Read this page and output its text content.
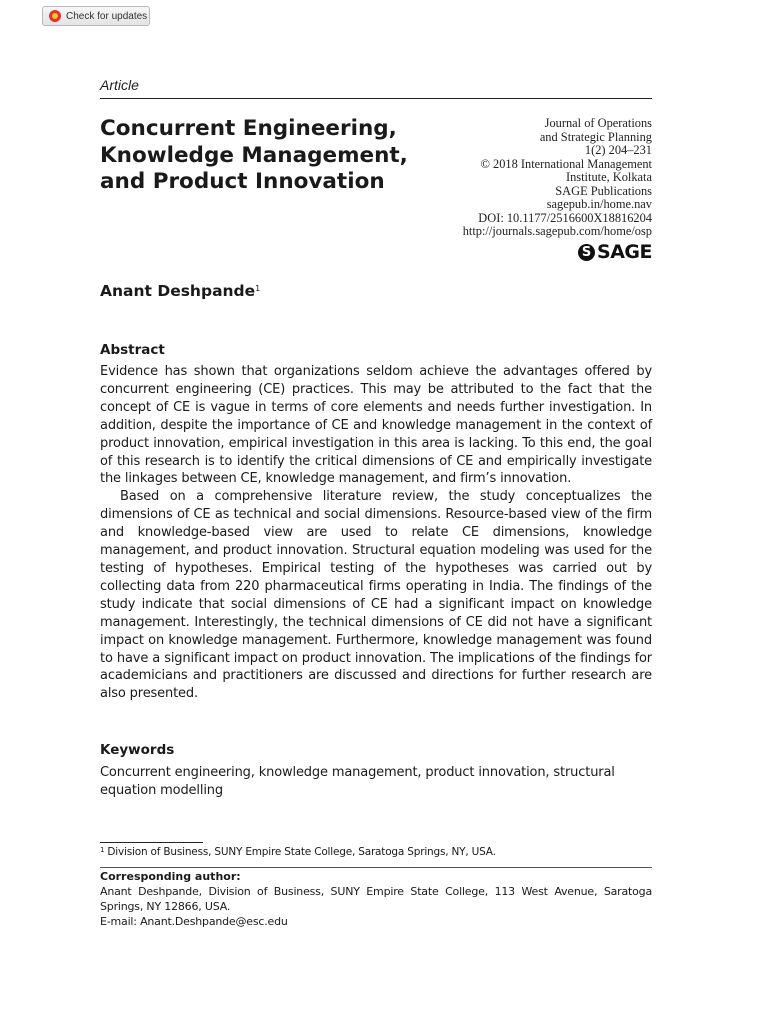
Check for updates
Article
Concurrent Engineering,
Knowledge Management,
and Product Innovation
Journal of Operations
and Strategic Planning
1(2) 204–231
© 2018 International Management
Institute, Kolkata
SAGE Publications
sagepub.in/home.nav
DOI: 10.1177/2516600X18816204
http://journals.sagepub.com/home/osp
S SAGE
Anant Deshpande$^1$
Abstract

Evidence has shown that organizations seldom achieve the advantages offered by concurrent engineering (CE) practices. This may be attributed to the fact that the concept of CE is vague in terms of core elements and needs further investigation. In addition, despite the importance of CE and knowledge management in the context of product innovation, empirical investigation in this area is lacking. To this end, the goal of this research is to identify the critical dimensions of CE and empirically investigate the linkages between CE, knowledge management, and firm’s innovation.

Based on a comprehensive literature review, the study conceptualizes the dimensions of CE as technical and social dimensions. Resource-based view of the firm and knowledge-based view are used to relate CE dimensions, knowledge management, and product innovation. Structural equation modeling was used for the testing of hypotheses. Empirical testing of the hypotheses was carried out by collecting data from 220 pharmaceutical firms operating in India. The findings of the study indicate that social dimensions of CE had a significant impact on knowledge management. Interestingly, the technical dimensions of CE did not have a significant impact on knowledge management. Furthermore, knowledge management was found to have a significant impact on product innovation. The implications of the findings for academicians and practitioners are discussed and directions for further research are also presented.

Keywords
Concurrent engineering, knowledge management, product innovation, structural equation modelling
$^1$ Division of Business, SUNY Empire State College, Saratoga Springs, NY, USA.
Corresponding author:
Anant Deshpande, Division of Business, SUNY Empire State College, 113 West Avenue, Saratoga Springs, NY 12866, USA.
E-mail: Anant.Deshpande@esc.edu
